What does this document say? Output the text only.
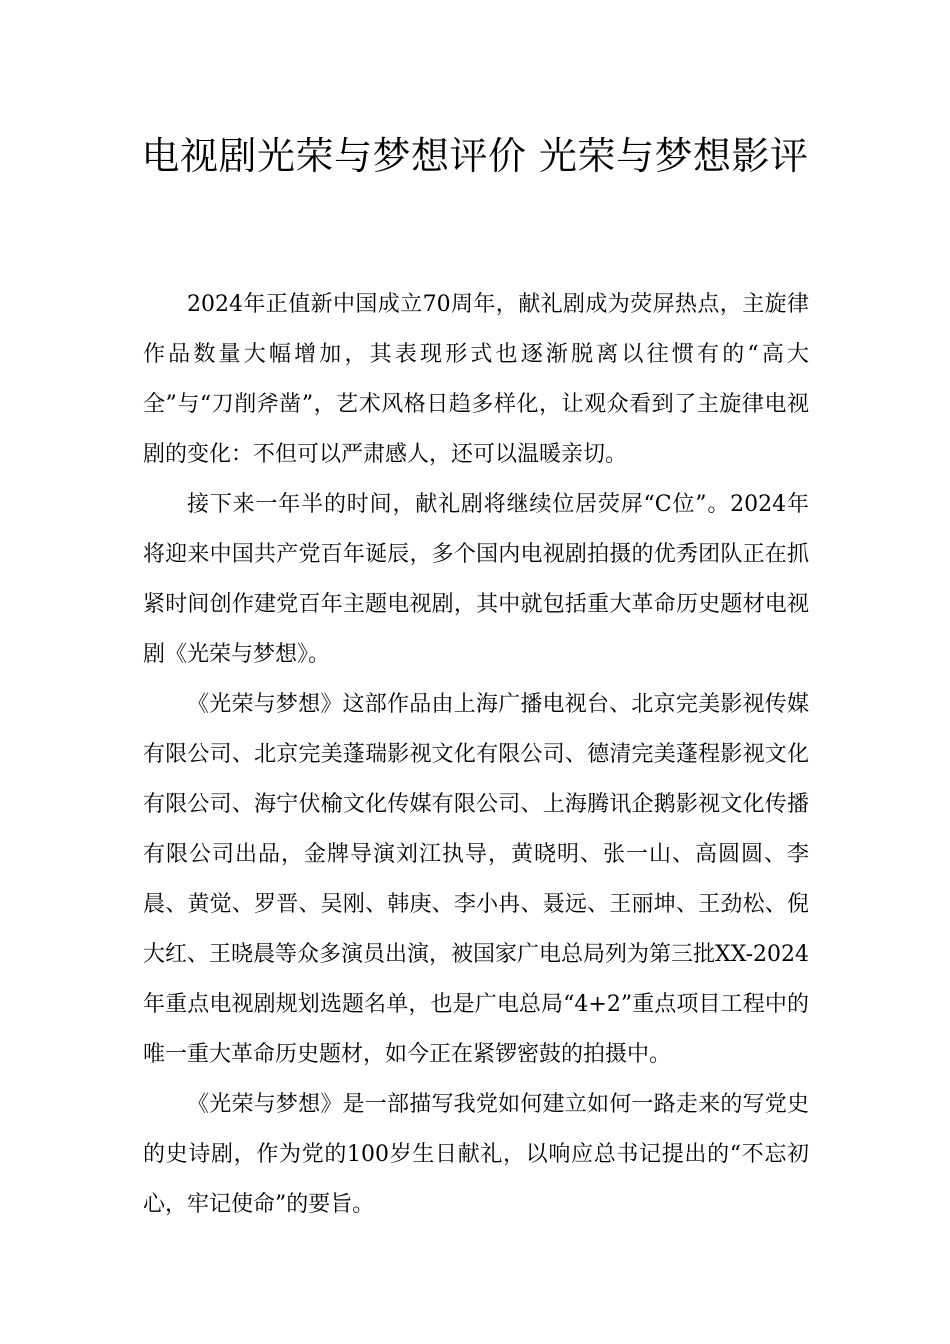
电视剧光荣与梦想评价 光荣与梦想影评

2024年正值新中国成立70周年，献礼剧成为荧屏热点，主旋律作品数量大幅增加，其表现形式也逐渐脱离以往惯有的“高大全”与“刀削斧凿”，艺术风格日趋多样化，让观众看到了主旋律电视剧的变化：不但可以严肃感人，还可以温暖亲切。

接下来一年半的时间，献礼剧将继续位居荧屏“C位”。2024年将迎来中国共产党百年诞辰，多个国内电视剧拍摄的优秀团队正在抓紧时间创作建党百年主题电视剧，其中就包括重大革命历史题材电视剧《光荣与梦想》。

《光荣与梦想》这部作品由上海广播电视台、北京完美影视传媒有限公司、北京完美蓬瑞影视文化有限公司、德清完美蓬程影视文化有限公司、海宁伏榆文化传媒有限公司、上海腾讯企鹅影视文化传播有限公司出品，金牌导演刘江执导，黄晓明、张一山、高圆圆、李晨、黄觉、罗晋、吴刚、韩庚、李小冉、聂远、王丽坤、王劲松、倪大红、王晓晨等众多演员出演，被国家广电总局列为第三批XX-2024年重点电视剧规划选题名单，也是广电总局“4+2”重点项目工程中的唯一重大革命历史题材，如今正在紧锣密鼓的拍摄中。

《光荣与梦想》是一部描写我党如何建立如何一路走来的写党史的史诗剧，作为党的100岁生日献礼，以响应总书记提出的“不忘初心，牢记使命”的要旨。
